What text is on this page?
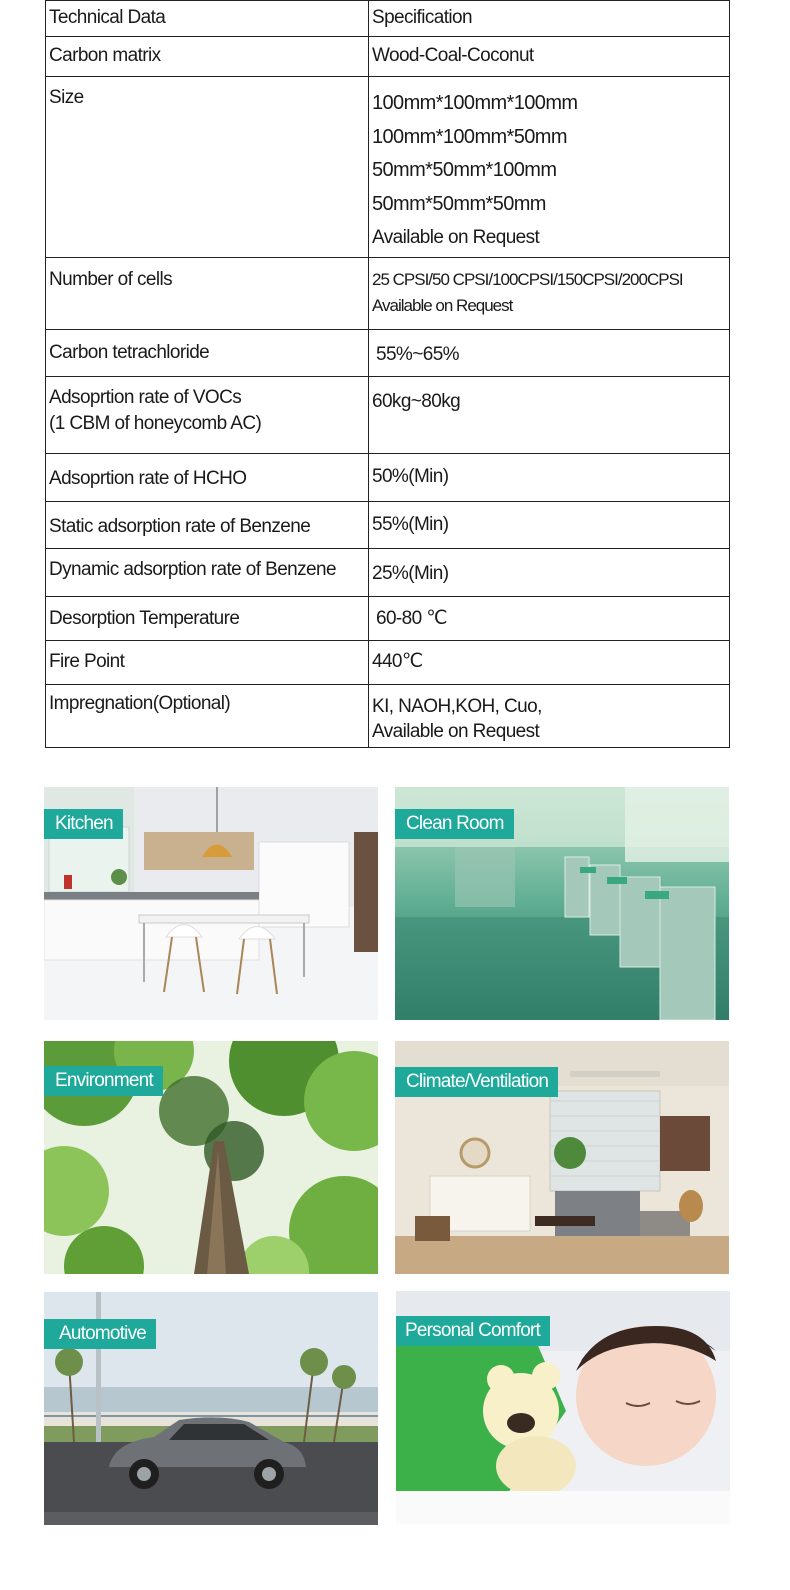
Technical Data	Specification
Carbon matrix	Wood-Coal-Coconut
Size	100mm*100mm*100mm
100mm*100mm*50mm
50mm*50mm*100mm
50mm*50mm*50mm
Available on Request

Number of cells	25 CPSI/50 CPSI/100CPSI/150CPSI/200CPSI
Available on Request

Carbon tetrachloride	55%~65%

Adsoprtion rate of VOCs
(1 CBM of honeycomb AC)	60kg~80kg
Adsoprtion rate of HCHO	50%(Min)
Static adsorption rate of Benzene	55%(Min)
Dynamic adsorption rate of Benzene	25%(Min)
Desorption Temperature	60-80 ℃
Fire Point	440℃
Impregnation(Optional)	KI, NAOH,KOH, Cuo,
Available on Request
Kitchen	Clean Room
Environment	Climate/Ventilation
Automotive	Personal Comfort
